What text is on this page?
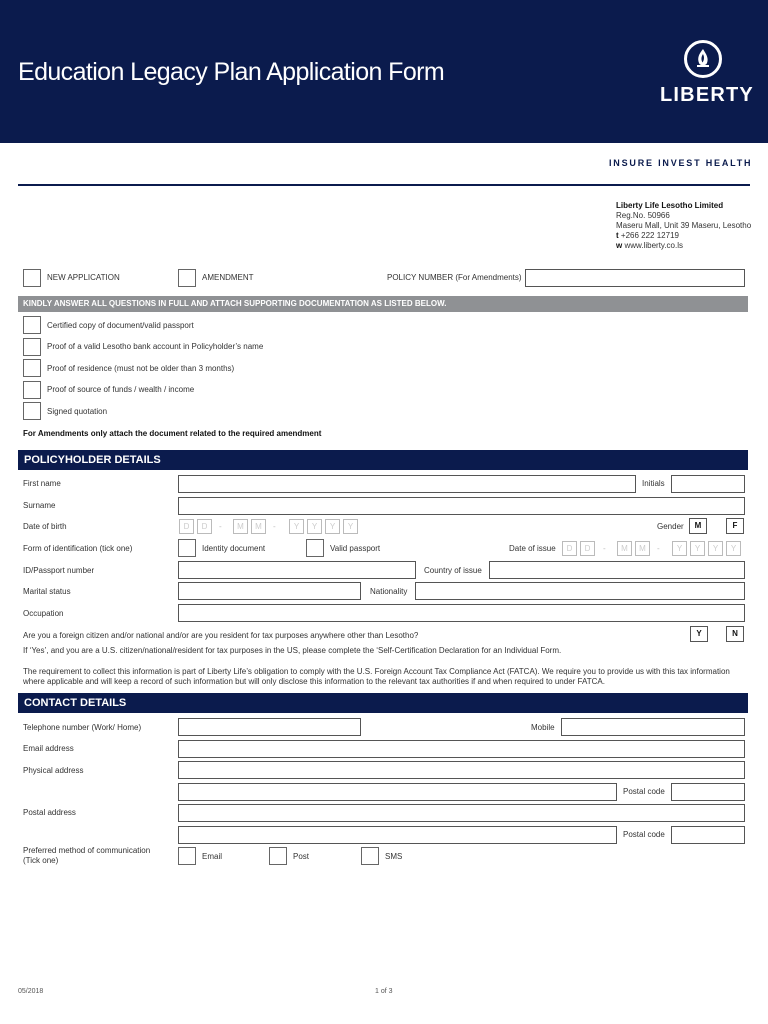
Education Legacy Plan Application Form
LIBERTY
INSURE INVEST HEALTH
Liberty Life Lesotho Limited
Reg.No. 50966
Maseru Mall, Unit 39 Maseru, Lesotho
t +266 222 12719
w www.liberty.co.ls
NEW APPLICATION	AMENDMENT	POLICY NUMBER (For Amendments)
KINDLY ANSWER ALL QUESTIONS IN FULL AND ATTACH SUPPORTING DOCUMENTATION AS LISTED BELOW.
Certified copy of document/valid passport
Proof of a valid Lesotho bank account in Policyholder’s name
Proof of residence (must not be older than 3 months)
Proof of source of funds / wealth / income
Signed quotation
For Amendments only attach the document related to the required amendment
POLICYHOLDER DETAILS
First name	Initials
Surname
Date of birth	D	D	-	M	M	-	Y	Y	Y	Y	Gender	M	F
Form of identification (tick one)	Identity document	Valid passport	Date of issue	D	D	-	M	M	-	Y	Y	Y	Y
ID/Passport number	Country of issue
Marital status	Nationality
Occupation
Are you a foreign citizen and/or national and/or are you resident for tax purposes anywhere other than Lesotho?	Y	N
If ‘Yes’, and you are a U.S. citizen/national/resident for tax purposes in the US, please complete the ‘Self-Certification Declaration for an Individual Form.
The requirement to collect this information is part of Liberty Life’s obligation to comply with the U.S. Foreign Account Tax Compliance Act (FATCA). We require you to provide us with this tax information
where applicable and will keep a record of such information but will only disclose this information to the relevant tax authorities if and when required to under FATCA.
CONTACT DETAILS
Telephone number (Work/ Home)	Mobile
Email address
Physical address
Postal code
Postal address
Postal code
Preferred method of communication
(Tick one)	Email	Post	SMS
05/2018	1 of 3
